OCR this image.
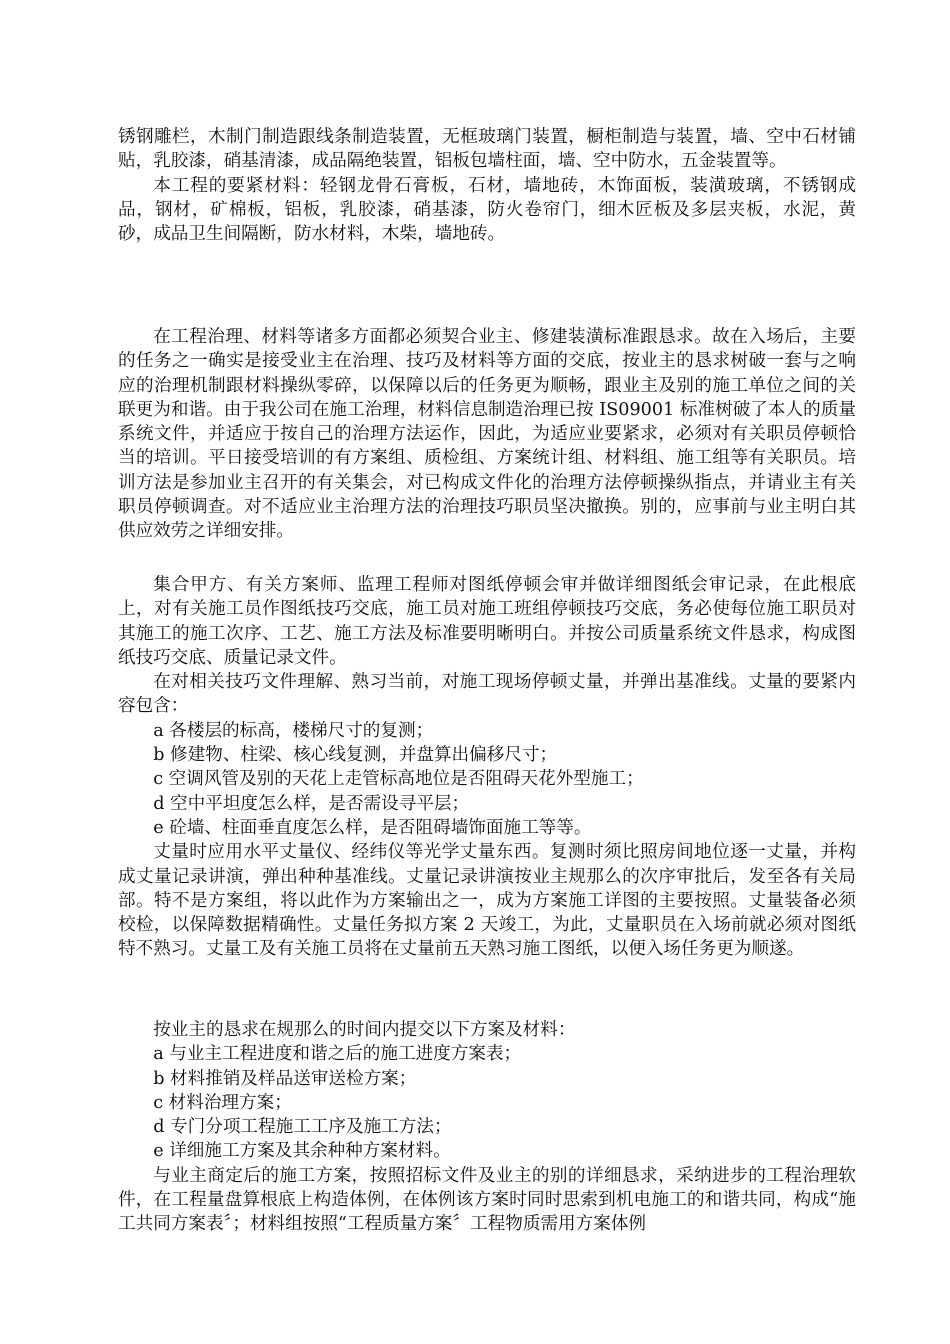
锈钢雕栏，木制门制造跟线条制造装置，无框玻璃门装置，橱柜制造与装置，墙、空中石材铺贴，乳胶漆，硝基清漆，成品隔绝装置，铝板包墙柱面，墙、空中防水，五金装置等。

本工程的要紧材料：轻钢龙骨石膏板，石材，墙地砖，木饰面板，装潢玻璃，不锈钢成品，钢材，矿棉板，铝板，乳胶漆，硝基漆，防火卷帘门，细木匠板及多层夹板，水泥，黄砂，成品卫生间隔断，防水材料，木柴，墙地砖。

在工程治理、材料等诸多方面都必须契合业主、修建装潢标准跟恳求。故在入场后，主要的任务之一确实是接受业主在治理、技巧及材料等方面的交底，按业主的恳求树破一套与之响应的治理机制跟材料操纵零碎，以保障以后的任务更为顺畅，跟业主及别的施工单位之间的关联更为和谐。由于我公司在施工治理，材料信息制造治理已按 IS09001 标准树破了本人的质量系统文件，并适应于按自己的治理方法运作，因此，为适应业要紧求，必须对有关职员停顿恰当的培训。平日接受培训的有方案组、质检组、方案统计组、材料组、施工组等有关职员。培训方法是参加业主召开的有关集会，对已构成文件化的治理方法停顿操纵指点，并请业主有关职员停顿调查。对不适应业主治理方法的治理技巧职员坚决撤换。别的，应事前与业主明白其供应效劳之详细安排。

集合甲方、有关方案师、监理工程师对图纸停顿会审并做详细图纸会审记录，在此根底上，对有关施工员作图纸技巧交底，施工员对施工班组停顿技巧交底，务必使每位施工职员对其施工的施工次序、工艺、施工方法及标准要明晰明白。并按公司质量系统文件恳求，构成图纸技巧交底、质量记录文件。

在对相关技巧文件理解、熟习当前，对施工现场停顿丈量，并弹出基准线。丈量的要紧内容包含：

a 各楼层的标高，楼梯尺寸的复测；

b 修建物、柱梁、核心线复测，并盘算出偏移尺寸；

c 空调风管及别的天花上走管标高地位是否阻碍天花外型施工；

d 空中平坦度怎么样，是否需设寻平层；

e 砼墙、柱面垂直度怎么样，是否阻碍墙饰面施工等等。

丈量时应用水平丈量仪、经纬仪等光学丈量东西。复测时须比照房间地位逐一丈量，并构成丈量记录讲演，弹出种种基准线。丈量记录讲演按业主规那么的次序审批后，发至各有关局部。特不是方案组，将以此作为方案输出之一，成为方案施工详图的主要按照。丈量装备必须校检，以保障数据精确性。丈量任务拟方案 2 天竣工，为此，丈量职员在入场前就必须对图纸特不熟习。丈量工及有关施工员将在丈量前五天熟习施工图纸，以便入场任务更为顺遂。

按业主的恳求在规那么的时间内提交以下方案及材料：

a 与业主工程进度和谐之后的施工进度方案表；

b 材料推销及样品送审送检方案；

c 材料治理方案；

d 专门分项工程施工工序及施工方法；

e 详细施工方案及其余种种方案材料。

与业主商定后的施工方案，按照招标文件及业主的别的详细恳求，采纳进步的工程治理软件，在工程量盘算根底上构造体例，在体例该方案时同时思索到机电施工的和谐共同，构成“施工共同方案表〞；材料组按照“工程质量方案〞工程物质需用方案体例
